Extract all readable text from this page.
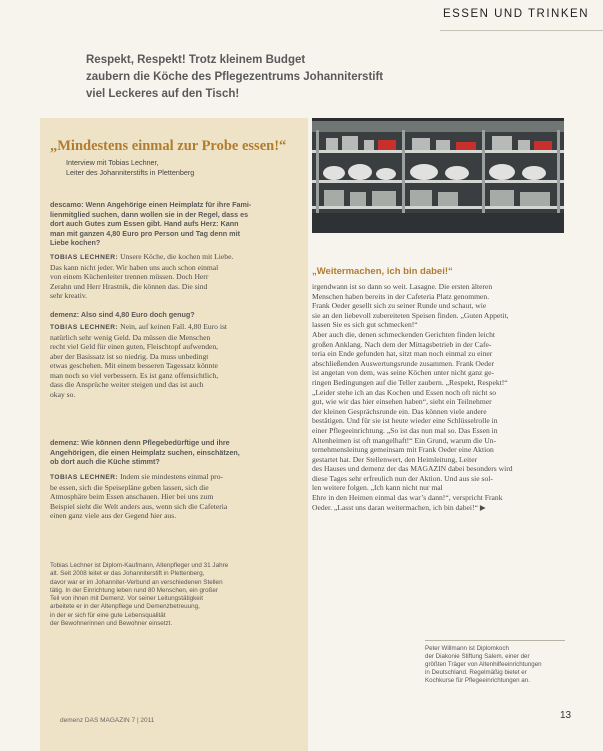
ESSEN UND TRINKEN
Respekt, Respekt! Trotz kleinem Budget
zaubern die Köche des Pflegezentrums Johanniterstift
viel Leckeres auf den Tisch!
„Mindestens einmal zur Probe essen!“
Interview mit Tobias Lechner,
Leiter des Johanniterstifts in Plettenberg
descamo: Wenn Angehörige einen Heimplatz für ihre Fami-
lienmitglied suchen, dann wollen sie in der Regel, dass es
dort auch Gutes zum Essen gibt. Hand aufs Herz: Kann
man mit ganzen 4,80 Euro pro Person und Tag denn mit
Liebe kochen?
TOBIAS LECHNER: Unsere Köche, die kochen mit Liebe.
Das kann nicht jeder. Wir haben uns auch schon einmal
von einem Küchenleiter trennen müssen. Doch Herr
Zerahn und Herr Hrastnik, die können das. Die sind
sehr kreativ.
demenz: Also sind 4,80 Euro doch genug?
TOBIAS LECHNER: Nein, auf keinen Fall. 4,80 Euro ist
natürlich sehr wenig Geld. Da müssen die Menschen
recht viel Geld für einen guten, Fleischtopf aufwenden,
aber der Basissatz ist so niedrig. Da muss unbedingt
etwas geschehen. Mit einem besseren Tagessatz könnte
man noch so viel verbessern. Es ist ganz offensichtlich,
dass die Ansprüche weiter steigen und das ist auch
okay so.
demenz: Wie können denn Pflegebedürftige und ihre
Angehörigen, die einen Heimplatz suchen, einschätzen,
ob dort auch die Küche stimmt?
TOBIAS LECHNER: Indem sie mindestens einmal pro-
be essen, sich die Speisepläne geben lassen, sich die
Atmosphäre beim Essen anschauen. Hier bei uns zum
Beispiel sieht die Welt anders aus, wenn sich die Cafeteria
einen ganz viele aus der Gegend hier aus.
Tobias Lechner ist Diplom-Kaufmann, Altenpfleger und 31 Jahre
alt. Seit 2008 leitet er das Johanniterstift in Plettenberg,
davor war er im Johanniter-Verbund an verschiedenen Stellen
tätig. In der Einrichtung leben rund 80 Menschen, ein großer
Teil von ihnen mit Demenz. Vor seiner Leitungstätigkeit
arbeitete er in der Altenpflege und Demenzbetreuung,
in der er sich für eine gute Lebensqualität
der Bewohnerinnen und Bewohner einsetzt.
„Weitermachen, ich bin dabei!“
irgendwann ist so dann so weit. Lasagne. Die ersten älteren
Menschen haben bereits in der Cafeteria Platz genommen.
Frank Oeder gesellt sich zu seiner Runde und schaut, wie
sie an den liebevoll zubereiteten Speisen finden. „Guten Appetit,
lassen Sie es sich gut schmecken!“
Aber auch die, denen schmeckenden Gerichten finden leicht
großen Anklang. Nach dem der Mittagsbetrieb in der Cafe-
teria ein Ende gefunden hat, sitzt man noch einmal zu einer
abschließenden Auswertungsrunde zusammen. Frank Oeder
ist angetan von dem, was seine Köchen unter nicht ganz ge-
ringen Bedingungen auf die Teller zaubern. „Respekt, Respekt!“
„Leider stehe ich an das Kochen und Essen noch oft nicht so
gut, wie wir das hier einsehen haben“, sieht ein Teilnehmer
der kleinen Gesprächsrunde ein. Das können viele andere
bestätigen. Und für sie ist heute wieder eine Schlüsselrolle in
einer Pflegeeinrichtung. „So ist das nun mal so. Das Essen in
Altenheimen ist oft mangelhaft!“ Ein Grund, warum die Un-
ternehmensleitung gemeinsam mit Frank Oeder eine Aktion
gestartet hat. Der Stellenwert, den Heimleitung, Leiter
des Hauses und demenz der das MAGAZIN dabei besonders wird
diese Tages sehr erfreulich nun der Aktion. Und aus sie sol-
len weitere folgen. „Ich kann nicht nur mal
Ehre in den Heimen einmal das war’s dann!“, verspricht Frank
Oeder. „Lasst uns daran weitermachen, ich bin dabei!“ ▶
Peter Willmann ist Diplomkoch
der Diakonie Stiftung Salem, einer der
größten Träger von Altenhilfeeinrichtungen
in Deutschland. Regelmäßig bietet er
Kochkurse für Pflegeeinrichtungen an.
demenz DAS MAGAZIN 7 | 2011	13
